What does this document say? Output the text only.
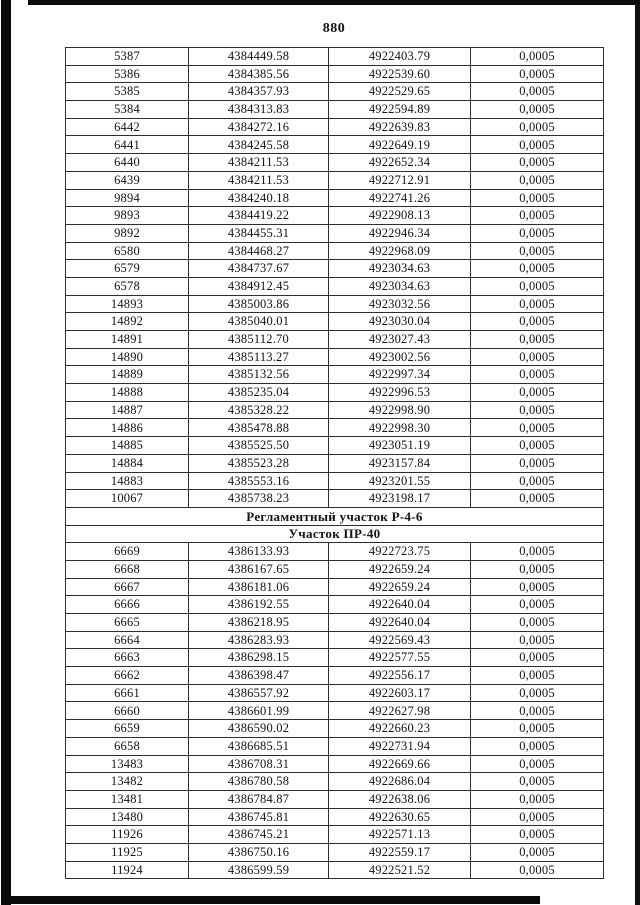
880
5387	4384449.58	4922403.79	0,0005
5386	4384385.56	4922539.60	0,0005
5385	4384357.93	4922529.65	0,0005
5384	4384313.83	4922594.89	0,0005
6442	4384272.16	4922639.83	0,0005
6441	4384245.58	4922649.19	0,0005
6440	4384211.53	4922652.34	0,0005
6439	4384211.53	4922712.91	0,0005
9894	4384240.18	4922741.26	0,0005
9893	4384419.22	4922908.13	0,0005
9892	4384455.31	4922946.34	0,0005
6580	4384468.27	4922968.09	0,0005
6579	4384737.67	4923034.63	0,0005
6578	4384912.45	4923034.63	0,0005
14893	4385003.86	4923032.56	0,0005
14892	4385040.01	4923030.04	0,0005
14891	4385112.70	4923027.43	0,0005
14890	4385113.27	4923002.56	0,0005
14889	4385132.56	4922997.34	0,0005
14888	4385235.04	4922996.53	0,0005
14887	4385328.22	4922998.90	0,0005
14886	4385478.88	4922998.30	0,0005
14885	4385525.50	4923051.19	0,0005
14884	4385523.28	4923157.84	0,0005
14883	4385553.16	4923201.55	0,0005
10067	4385738.23	4923198.17	0,0005
Регламентный участок Р-4-6			
Участок ПР-40			
6669	4386133.93	4922723.75	0,0005
6668	4386167.65	4922659.24	0,0005
6667	4386181.06	4922659.24	0,0005
6666	4386192.55	4922640.04	0,0005
6665	4386218.95	4922640.04	0,0005
6664	4386283.93	4922569.43	0,0005
6663	4386298.15	4922577.55	0,0005
6662	4386398.47	4922556.17	0,0005
6661	4386557.92	4922603.17	0,0005
6660	4386601.99	4922627.98	0,0005
6659	4386590.02	4922660.23	0,0005
6658	4386685.51	4922731.94	0,0005
13483	4386708.31	4922669.66	0,0005
13482	4386780.58	4922686.04	0,0005
13481	4386784.87	4922638.06	0,0005
13480	4386745.81	4922630.65	0,0005
11926	4386745.21	4922571.13	0,0005
11925	4386750.16	4922559.17	0,0005
11924	4386599.59	4922521.52	0,0005
